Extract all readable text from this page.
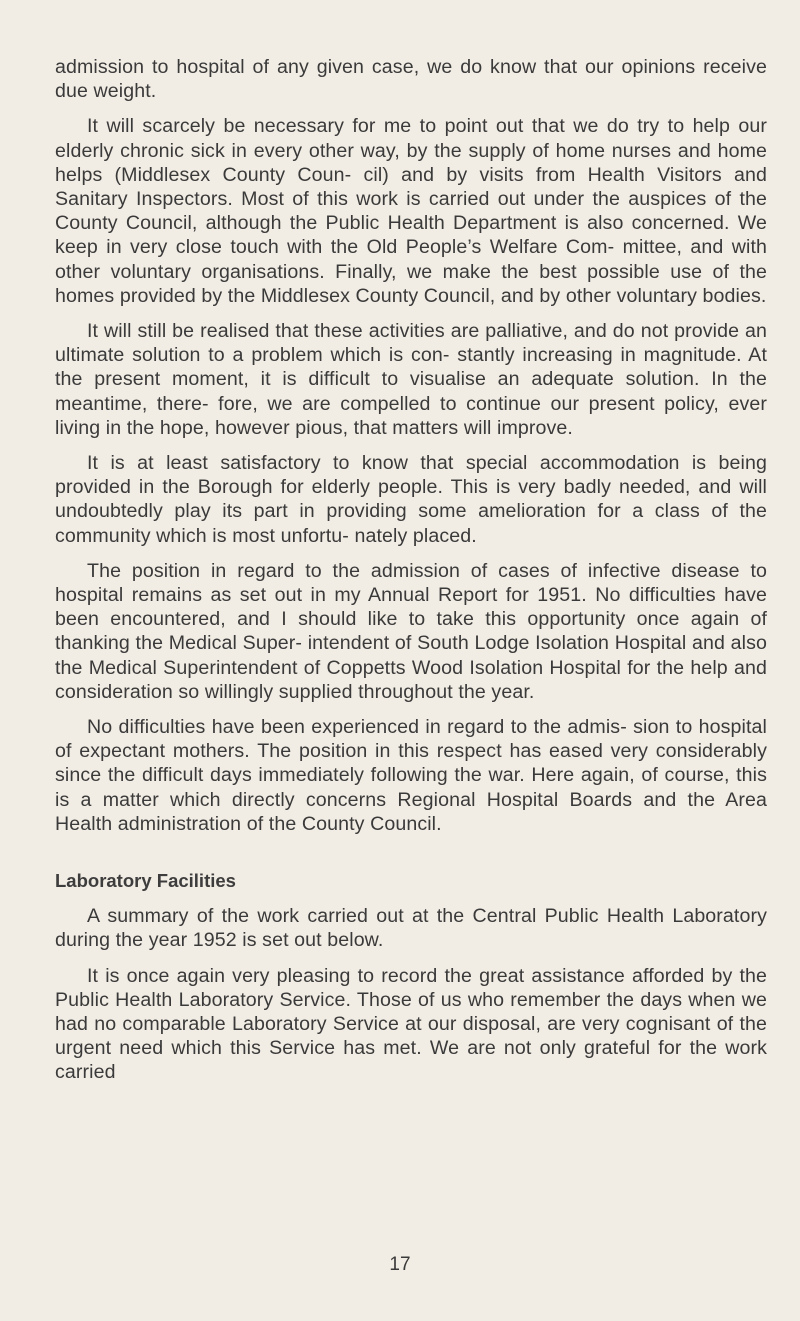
admission to hospital of any given case, we do know that our opinions receive due weight.

It will scarcely be necessary for me to point out that we do try to help our elderly chronic sick in every other way, by the supply of home nurses and home helps (Middlesex County Coun- cil) and by visits from Health Visitors and Sanitary Inspectors. Most of this work is carried out under the auspices of the County Council, although the Public Health Department is also concerned. We keep in very close touch with the Old People’s Welfare Com- mittee, and with other voluntary organisations. Finally, we make the best possible use of the homes provided by the Middlesex County Council, and by other voluntary bodies.

It will still be realised that these activities are palliative, and do not provide an ultimate solution to a problem which is con- stantly increasing in magnitude. At the present moment, it is difficult to visualise an adequate solution. In the meantime, there- fore, we are compelled to continue our present policy, ever living in the hope, however pious, that matters will improve.

It is at least satisfactory to know that special accommodation is being provided in the Borough for elderly people. This is very badly needed, and will undoubtedly play its part in providing some amelioration for a class of the community which is most unfortu- nately placed.

The position in regard to the admission of cases of infective disease to hospital remains as set out in my Annual Report for 1951. No difficulties have been encountered, and I should like to take this opportunity once again of thanking the Medical Super- intendent of South Lodge Isolation Hospital and also the Medical Superintendent of Coppetts Wood Isolation Hospital for the help and consideration so willingly supplied throughout the year.

No difficulties have been experienced in regard to the admis- sion to hospital of expectant mothers. The position in this respect has eased very considerably since the difficult days immediately following the war. Here again, of course, this is a matter which directly concerns Regional Hospital Boards and the Area Health administration of the County Council.

Laboratory Facilities

A summary of the work carried out at the Central Public Health Laboratory during the year 1952 is set out below.

It is once again very pleasing to record the great assistance afforded by the Public Health Laboratory Service. Those of us who remember the days when we had no comparable Laboratory Service at our disposal, are very cognisant of the urgent need which this Service has met. We are not only grateful for the work carried

17
